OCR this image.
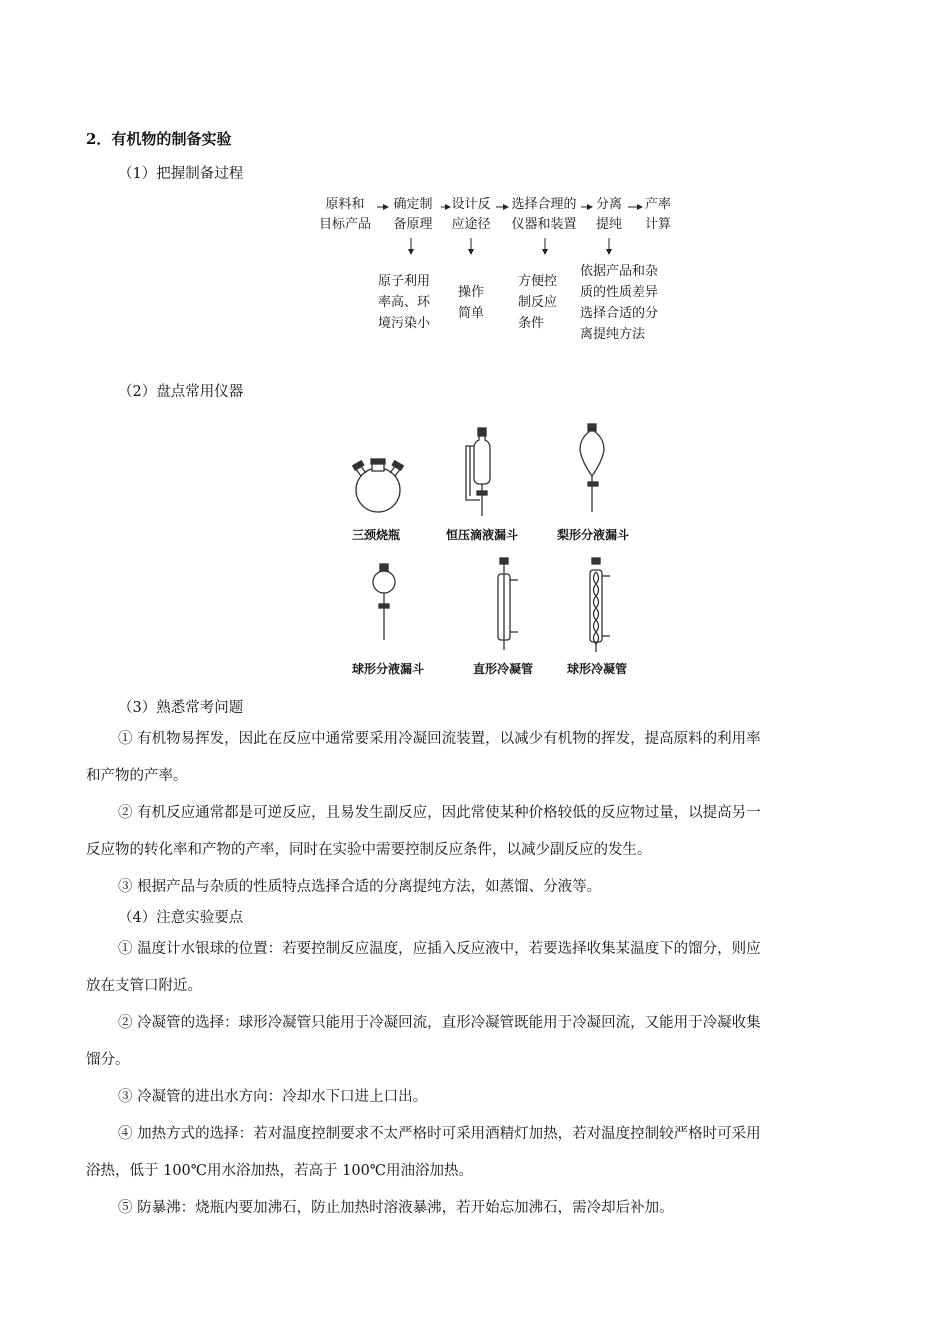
2．有机物的制备实验
（1）把握制备过程
原料和
目标产品
确定制
备原理
设计反
应途径
选择合理的
仪器和装置
分离
提纯
产率
计算
原子利用
率高、环
境污染小
操作
简单
方便控
制反应
条件
依据产品和杂
质的性质差异
选择合适的分
离提纯方法
（2）盘点常用仪器
三颈烧瓶	恒压滴液漏斗	梨形分液漏斗
球形分液漏斗	直形冷凝管	球形冷凝管
（3）熟悉常考问题
① 有机物易挥发，因此在反应中通常要采用冷凝回流装置，以减少有机物的挥发，提高原料的利用率
和产物的产率。
② 有机反应通常都是可逆反应，且易发生副反应，因此常使某种价格较低的反应物过量，以提高另一
反应物的转化率和产物的产率，同时在实验中需要控制反应条件，以减少副反应的发生。
③ 根据产品与杂质的性质特点选择合适的分离提纯方法，如蒸馏、分液等。
（4）注意实验要点
① 温度计水银球的位置：若要控制反应温度，应插入反应液中，若要选择收集某温度下的馏分，则应
放在支管口附近。
② 冷凝管的选择：球形冷凝管只能用于冷凝回流，直形冷凝管既能用于冷凝回流，又能用于冷凝收集
馏分。
③ 冷凝管的进出水方向：冷却水下口进上口出。
④ 加热方式的选择：若对温度控制要求不太严格时可采用酒精灯加热，若对温度控制较严格时可采用
浴热，低于 100℃用水浴加热，若高于 100℃用油浴加热。
⑤ 防暴沸：烧瓶内要加沸石，防止加热时溶液暴沸，若开始忘加沸石，需冷却后补加。
